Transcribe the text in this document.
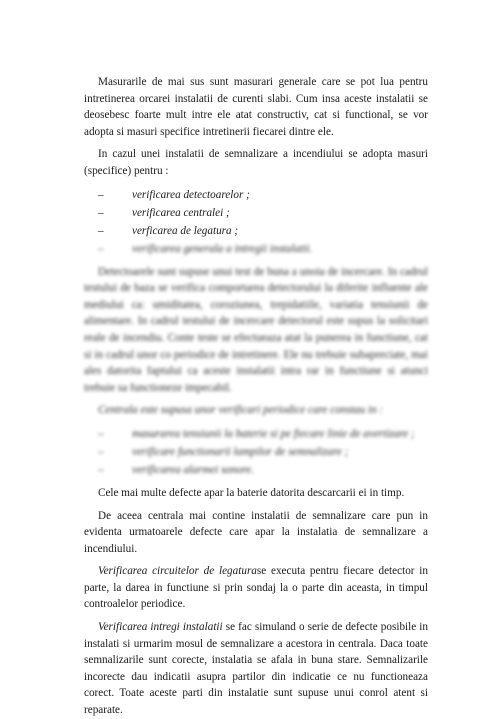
Masurarile de mai sus sunt masurari generale care se pot lua pentru intretinerea orcarei instalatii de curenti slabi. Cum insa aceste instalatii se deosebesc foarte mult intre ele atat constructiv, cat si functional, se vor adopta si masuri specifice intretinerii fiecarei dintre ele.

In cazul unei instalatii de semnalizare a incendiului se adopta masuri (specifice) pentru :

–	verificarea detectoarelor ;
–	verificarea centralei ;
–	verficarea de legatura ;
–	verificarea generala a intregii instalatii.

Detectoarele sunt supuse unui test de buna a unoia de incercare. In cadrul testului de baza se verifica comportarea detectorului la diferite influente ale mediului ca: umiditatea, coroziunea, trepidatiile, variatia tensiunii de alimentare. In cadrul testului de incercare detectorul este supus la solicitari reale de incendiu. Conte teste se efectueaza atat la punerea in functiune, cat si in cadrul unor co periodice de intretinere. Ele nu trebuie subapreciate, mai ales datorita faptului ca aceste instalatii intra rar in functiune si atunci trebuie sa functioneze impecabil.

Centrala este supusa unor verificari periodice care constau in :

–	masurarea tensiunii la baterie si pe fiecare linie de avertizare ;
–	verificare functionarii lampilor de semnalizare ;
–	verificarea alarmei sonore.

Cele mai multe defecte apar la baterie datorita descarcarii ei in timp.

De aceea centrala mai contine instalatii de semnalizare care pun in evidenta urmatoarele defecte care apar la instalatia de semnalizare a incendiului.

Verificarea circuitelor de legaturase executa pentru fiecare detector in parte, la darea in functiune si prin sondaj la o parte din aceasta, in timpul controalelor periodice.

Verificarea intregi instalatii se fac simuland o serie de defecte posibile in instalati si urmarim mosul de semnalizare a acestora in centrala. Daca toate semnalizarile sunt corecte, instalatia se afala in buna stare. Semnalizarile incorecte dau indicatii asupra partilor din indicatie ce nu functioneaza corect. Toate aceste parti din instalatie sunt supuse unui conrol atent si reparate.
